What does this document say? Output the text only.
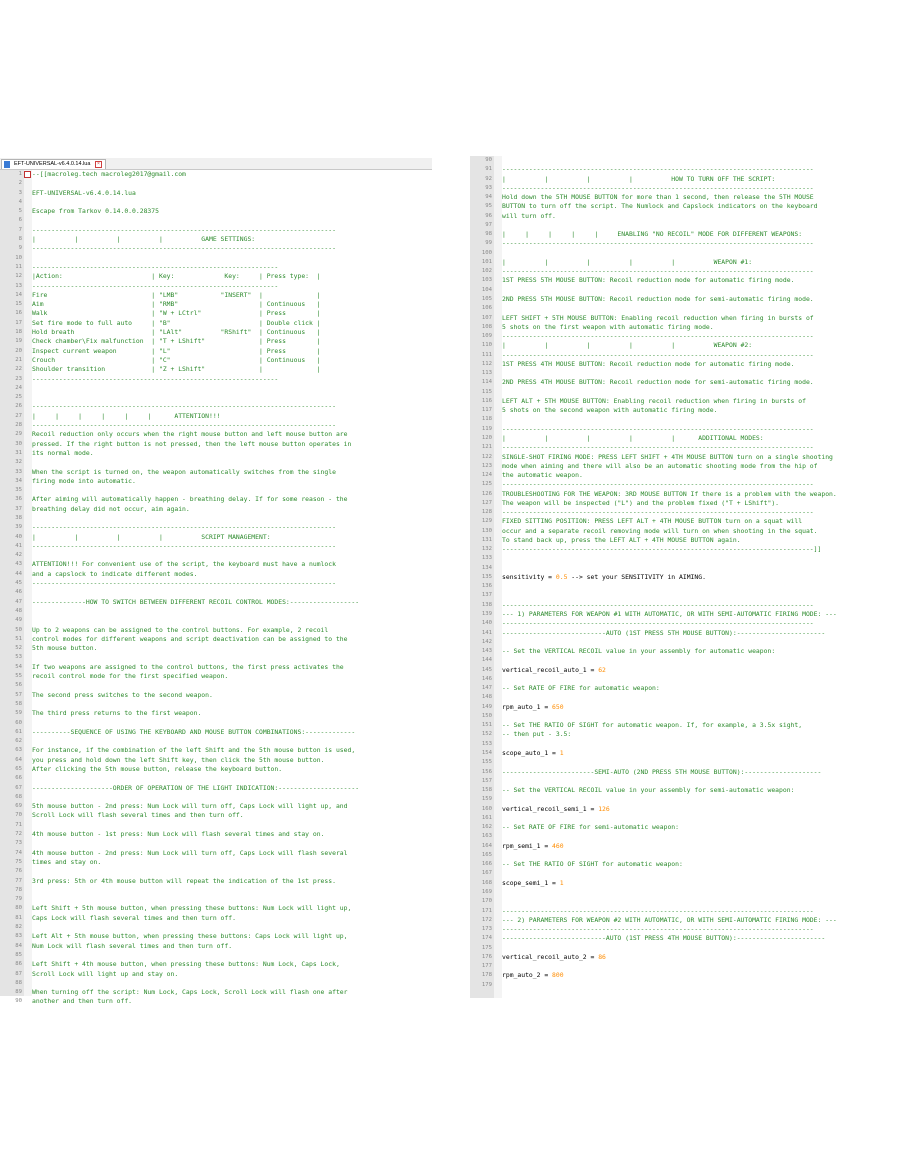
EFT-UNIVERSAL-v6.4.0.14.lua ×
1 --[[macroleg.tech macroleg2017@gmail.com
2
3 EFT-UNIVERSAL-v6.4.0.14.lua
4
5 Escape from Tarkov 0.14.0.0.28375
6
7 -------------------------------------------------------------------------------
8 |          |          |          |          GAME SETTINGS:
9 -------------------------------------------------------------------------------
10
11 ----------------------------------------------------------------
12 |Action:                       | Key:             Key:     | Press type:  |
13 ----------------------------------------------------------------
14 Fire                           | "LMB"           "INSERT"  |              |
15 Aim                            | "RMB"                     | Continuous   |
16 Walk                           | "W + LCtrl"               | Press        |
17 Set fire mode to full auto     | "B"                       | Double click |
18 Hold breath                    | "LAlt"          "RShift"  | Continuous   |
19 Check chamber\Fix malfunction  | "T + LShift"              | Press        |
20 Inspect current weapon         | "L"                       | Press        |
21 Crouch                         | "C"                       | Continuous   |
22 Shoulder transition            | "Z + LShift"              |              |
23 ----------------------------------------------------------------
24
25
26 -------------------------------------------------------------------------------
27 |     |     |     |     |     |      ATTENTION!!!
28 -------------------------------------------------------------------------------
29 Recoil reduction only occurs when the right mouse button and left mouse button are
30 pressed. If the right button is not pressed, then the left mouse button operates in
31 its normal mode.
32
33 When the script is turned on, the weapon automatically switches from the single
34 firing mode into automatic.
35
36 After aiming will automatically happen - breathing delay. If for some reason - the
37 breathing delay did not occur, aim again.
38
39 -------------------------------------------------------------------------------
40 |          |          |          |          SCRIPT MANAGEMENT:
41 -------------------------------------------------------------------------------
42
43 ATTENTION!!! For convenient use of the script, the keyboard must have a numlock
44 and a capslock to indicate different modes.
45 -------------------------------------------------------------------------------
46
47 --------------HOW TO SWITCH BETWEEN DIFFERENT RECOIL CONTROL MODES:------------------
48
49
50 Up to 2 weapons can be assigned to the control buttons. For example, 2 recoil
51 control modes for different weapons and script deactivation can be assigned to the
52 5th mouse button.
53
54 If two weapons are assigned to the control buttons, the first press activates the
55 recoil control mode for the first specified weapon.
56
57 The second press switches to the second weapon.
58
59 The third press returns to the first weapon.
60
61 ----------SEQUENCE OF USING THE KEYBOARD AND MOUSE BUTTON COMBINATIONS:-------------
62
63 For instance, if the combination of the left Shift and the 5th mouse button is used,
64 you press and hold down the left Shift key, then click the 5th mouse button.
65 After clicking the 5th mouse button, release the keyboard button.
66
67 ---------------------ORDER OF OPERATION OF THE LIGHT INDICATION:---------------------
68
69 5th mouse button - 2nd press: Num Lock will turn off, Caps Lock will light up, and
70 Scroll Lock will flash several times and then turn off.
71
72 4th mouse button - 1st press: Num Lock will flash several times and stay on.
73
74 4th mouse button - 2nd press: Num Lock will turn off, Caps Lock will flash several
75 times and stay on.
76
77 3rd press: 5th or 4th mouse button will repeat the indication of the 1st press.
78
79
80 Left Shift + 5th mouse button, when pressing these buttons: Num Lock will light up,
81 Caps Lock will flash several times and then turn off.
82
83 Left Alt + 5th mouse button, when pressing these buttons: Caps Lock will light up,
84 Num Lock will flash several times and then turn off.
85
86 Left Shift + 4th mouse button, when pressing these buttons: Num Lock, Caps Lock,
87 Scroll Lock will light up and stay on.
88
89 When turning off the script: Num Lock, Caps Lock, Scroll Lock will flash one after
90 another and then turn off.
90
91 ---------------------------------------------------------------------------------
92 |          |          |          |          HOW TO TURN OFF THE SCRIPT:
93 ---------------------------------------------------------------------------------
94 Hold down the 5TH MOUSE BUTTON for more than 1 second, then release the 5TH MOUSE
95 BUTTON to turn off the script. The Numlock and Capslock indicators on the keyboard
96 will turn off.
97
98 |     |     |     |     |     ENABLING "NO RECOIL" MODE FOR DIFFERENT WEAPONS:
99 ---------------------------------------------------------------------------------
100
101 |          |          |          |          |          WEAPON #1:
102 ---------------------------------------------------------------------------------
103 1ST PRESS 5TH MOUSE BUTTON: Recoil reduction mode for automatic firing mode.
104
105 2ND PRESS 5TH MOUSE BUTTON: Recoil reduction mode for semi-automatic firing mode.
106
107 LEFT SHIFT + 5TH MOUSE BUTTON: Enabling recoil reduction when firing in bursts of
108 5 shots on the first weapon with automatic firing mode.
109 ---------------------------------------------------------------------------------
110 |          |          |          |          |          WEAPON #2:
111 ---------------------------------------------------------------------------------
112 1ST PRESS 4TH MOUSE BUTTON: Recoil reduction mode for automatic firing mode.
113
114 2ND PRESS 4TH MOUSE BUTTON: Recoil reduction mode for semi-automatic firing mode.
115
116 LEFT ALT + 5TH MOUSE BUTTON: Enabling recoil reduction when firing in bursts of
117 5 shots on the second weapon with automatic firing mode.
118
119 ---------------------------------------------------------------------------------
120 |          |          |          |          |      ADDITIONAL MODES:
121 ---------------------------------------------------------------------------------
122 SINGLE-SHOT FIRING MODE: PRESS LEFT SHIFT + 4TH MOUSE BUTTON turn on a single shooting
123 mode when aiming and there will also be an automatic shooting mode from the hip of
124 the automatic weapon.
125 ---------------------------------------------------------------------------------
126 TROUBLESHOOTING FOR THE WEAPON: 3RD MOUSE BUTTON If there is a problem with the weapon.
127 The weapon will be inspected ("L") and the problem fixed ("T + LShift").
128 ---------------------------------------------------------------------------------
129 FIXED SITTING POSITION: PRESS LEFT ALT + 4TH MOUSE BUTTON turn on a squat will
130 occur and a separate recoil removing mode will turn on when shooting in the squat.
131 To stand back up, press the LEFT ALT + 4TH MOUSE BUTTON again.
132 ---------------------------------------------------------------------------------]]
133
134
135 sensitivity = 0.5 --> set your SENSITIVITY in AIMING.
136
137
138 ---------------------------------------------------------------------------------
139 --- 1) PARAMETERS FOR WEAPON #1 WITH AUTOMATIC, OR WITH SEMI-AUTOMATIC FIRING MODE: ---
140 ---------------------------------------------------------------------------------
141 ---------------------------AUTO (1ST PRESS 5TH MOUSE BUTTON):-----------------------
142
143 -- Set the VERTICAL RECOIL value in your assembly for automatic weapon:
144
145 vertical_recoil_auto_1 = 62
146
147 -- Set RATE OF FIRE for automatic weapon:
148
149 rpm_auto_1 = 650
150
151 -- Set THE RATIO OF SIGHT for automatic weapon. If, for example, a 3.5x sight,
152 -- then put - 3.5:
153
154 scope_auto_1 = 1
155
156 ------------------------SEMI-AUTO (2ND PRESS 5TH MOUSE BUTTON):--------------------
157
158 -- Set the VERTICAL RECOIL value in your assembly for semi-automatic weapon:
159
160 vertical_recoil_semi_1 = 126
161
162 -- Set RATE OF FIRE for semi-automatic weapon:
163
164 rpm_semi_1 = 460
165
166 -- Set THE RATIO OF SIGHT for automatic weapon:
167
168 scope_semi_1 = 1
169
170
171 ---------------------------------------------------------------------------------
172 --- 2) PARAMETERS FOR WEAPON #2 WITH AUTOMATIC, OR WITH SEMI-AUTOMATIC FIRING MODE: ---
173 ---------------------------------------------------------------------------------
174 ---------------------------AUTO (1ST PRESS 4TH MOUSE BUTTON):-----------------------
175
176 vertical_recoil_auto_2 = 86
177
178 rpm_auto_2 = 800
179
